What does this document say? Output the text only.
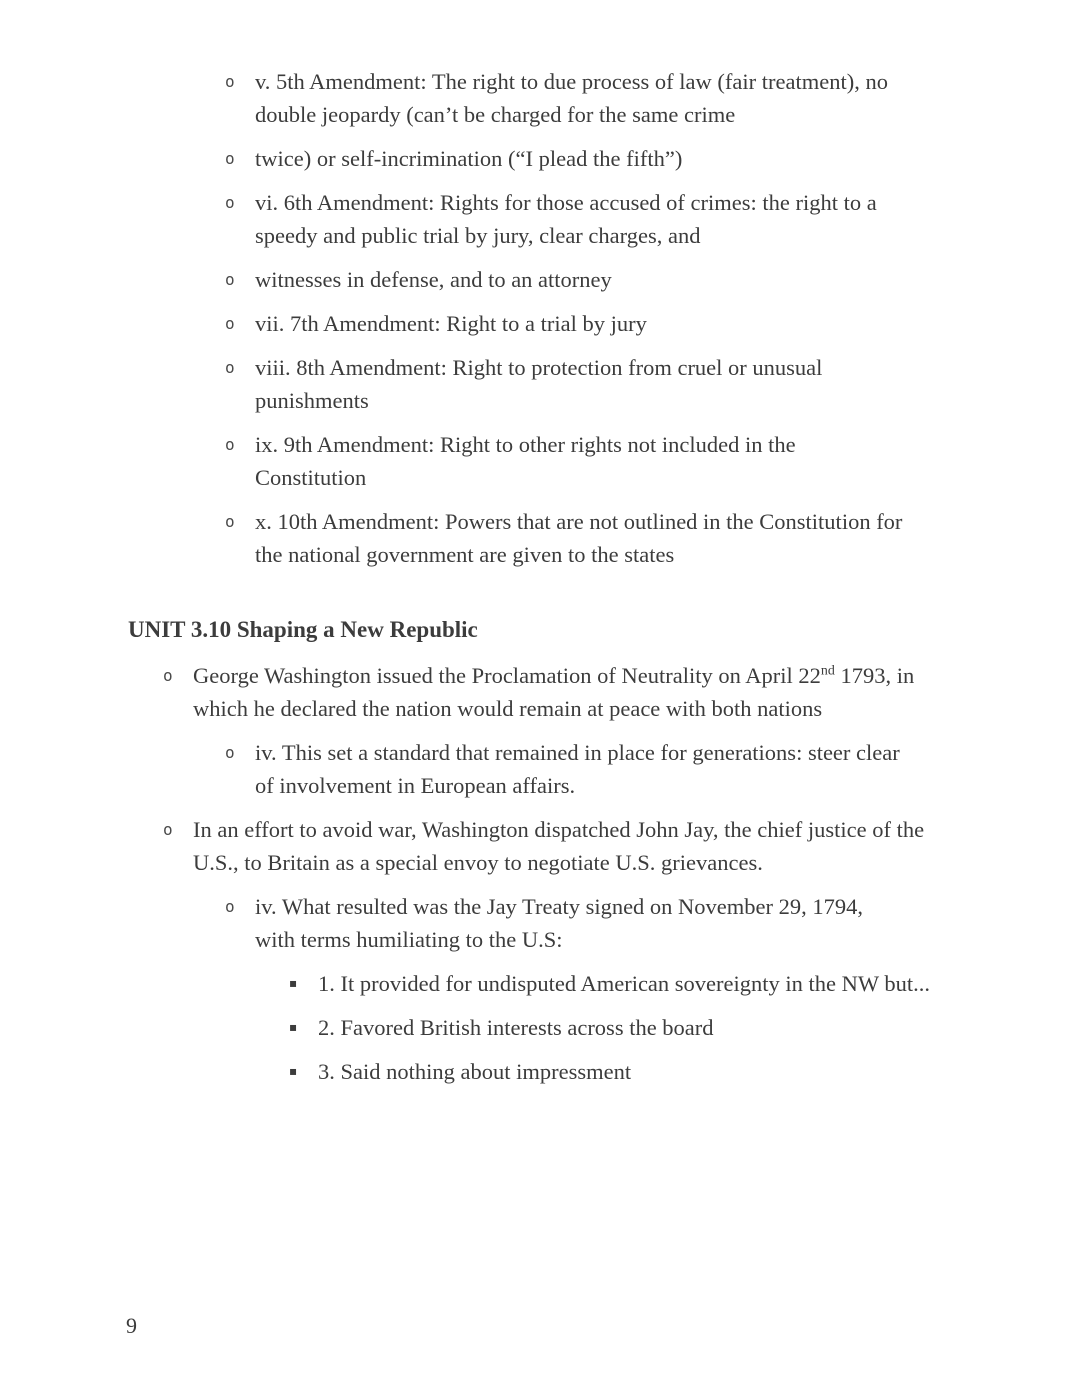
o v. 5th Amendment: The right to due process of law (fair treatment), no double jeopardy (can’t be charged for the same crime
o twice) or self-incrimination (“I plead the fifth”)
o vi. 6th Amendment: Rights for those accused of crimes: the right to a speedy and public trial by jury, clear charges, and
o witnesses in defense, and to an attorney
o vii. 7th Amendment: Right to a trial by jury
o viii. 8th Amendment: Right to protection from cruel or unusual punishments
o ix. 9th Amendment: Right to other rights not included in the Constitution
o x. 10th Amendment: Powers that are not outlined in the Constitution for the national government are given to the states
UNIT 3.10 Shaping a New Republic
o George Washington issued the Proclamation of Neutrality on April 22nd 1793, in which he declared the nation would remain at peace with both nations
o iv. This set a standard that remained in place for generations: steer clear of involvement in European affairs.
o In an effort to avoid war, Washington dispatched John Jay, the chief justice of the U.S., to Britain as a special envoy to negotiate U.S. grievances.
o iv. What resulted was the Jay Treaty signed on November 29, 1794, with terms humiliating to the U.S:
▪ 1. It provided for undisputed American sovereignty in the NW but...
▪ 2. Favored British interests across the board
▪ 3. Said nothing about impressment
9
